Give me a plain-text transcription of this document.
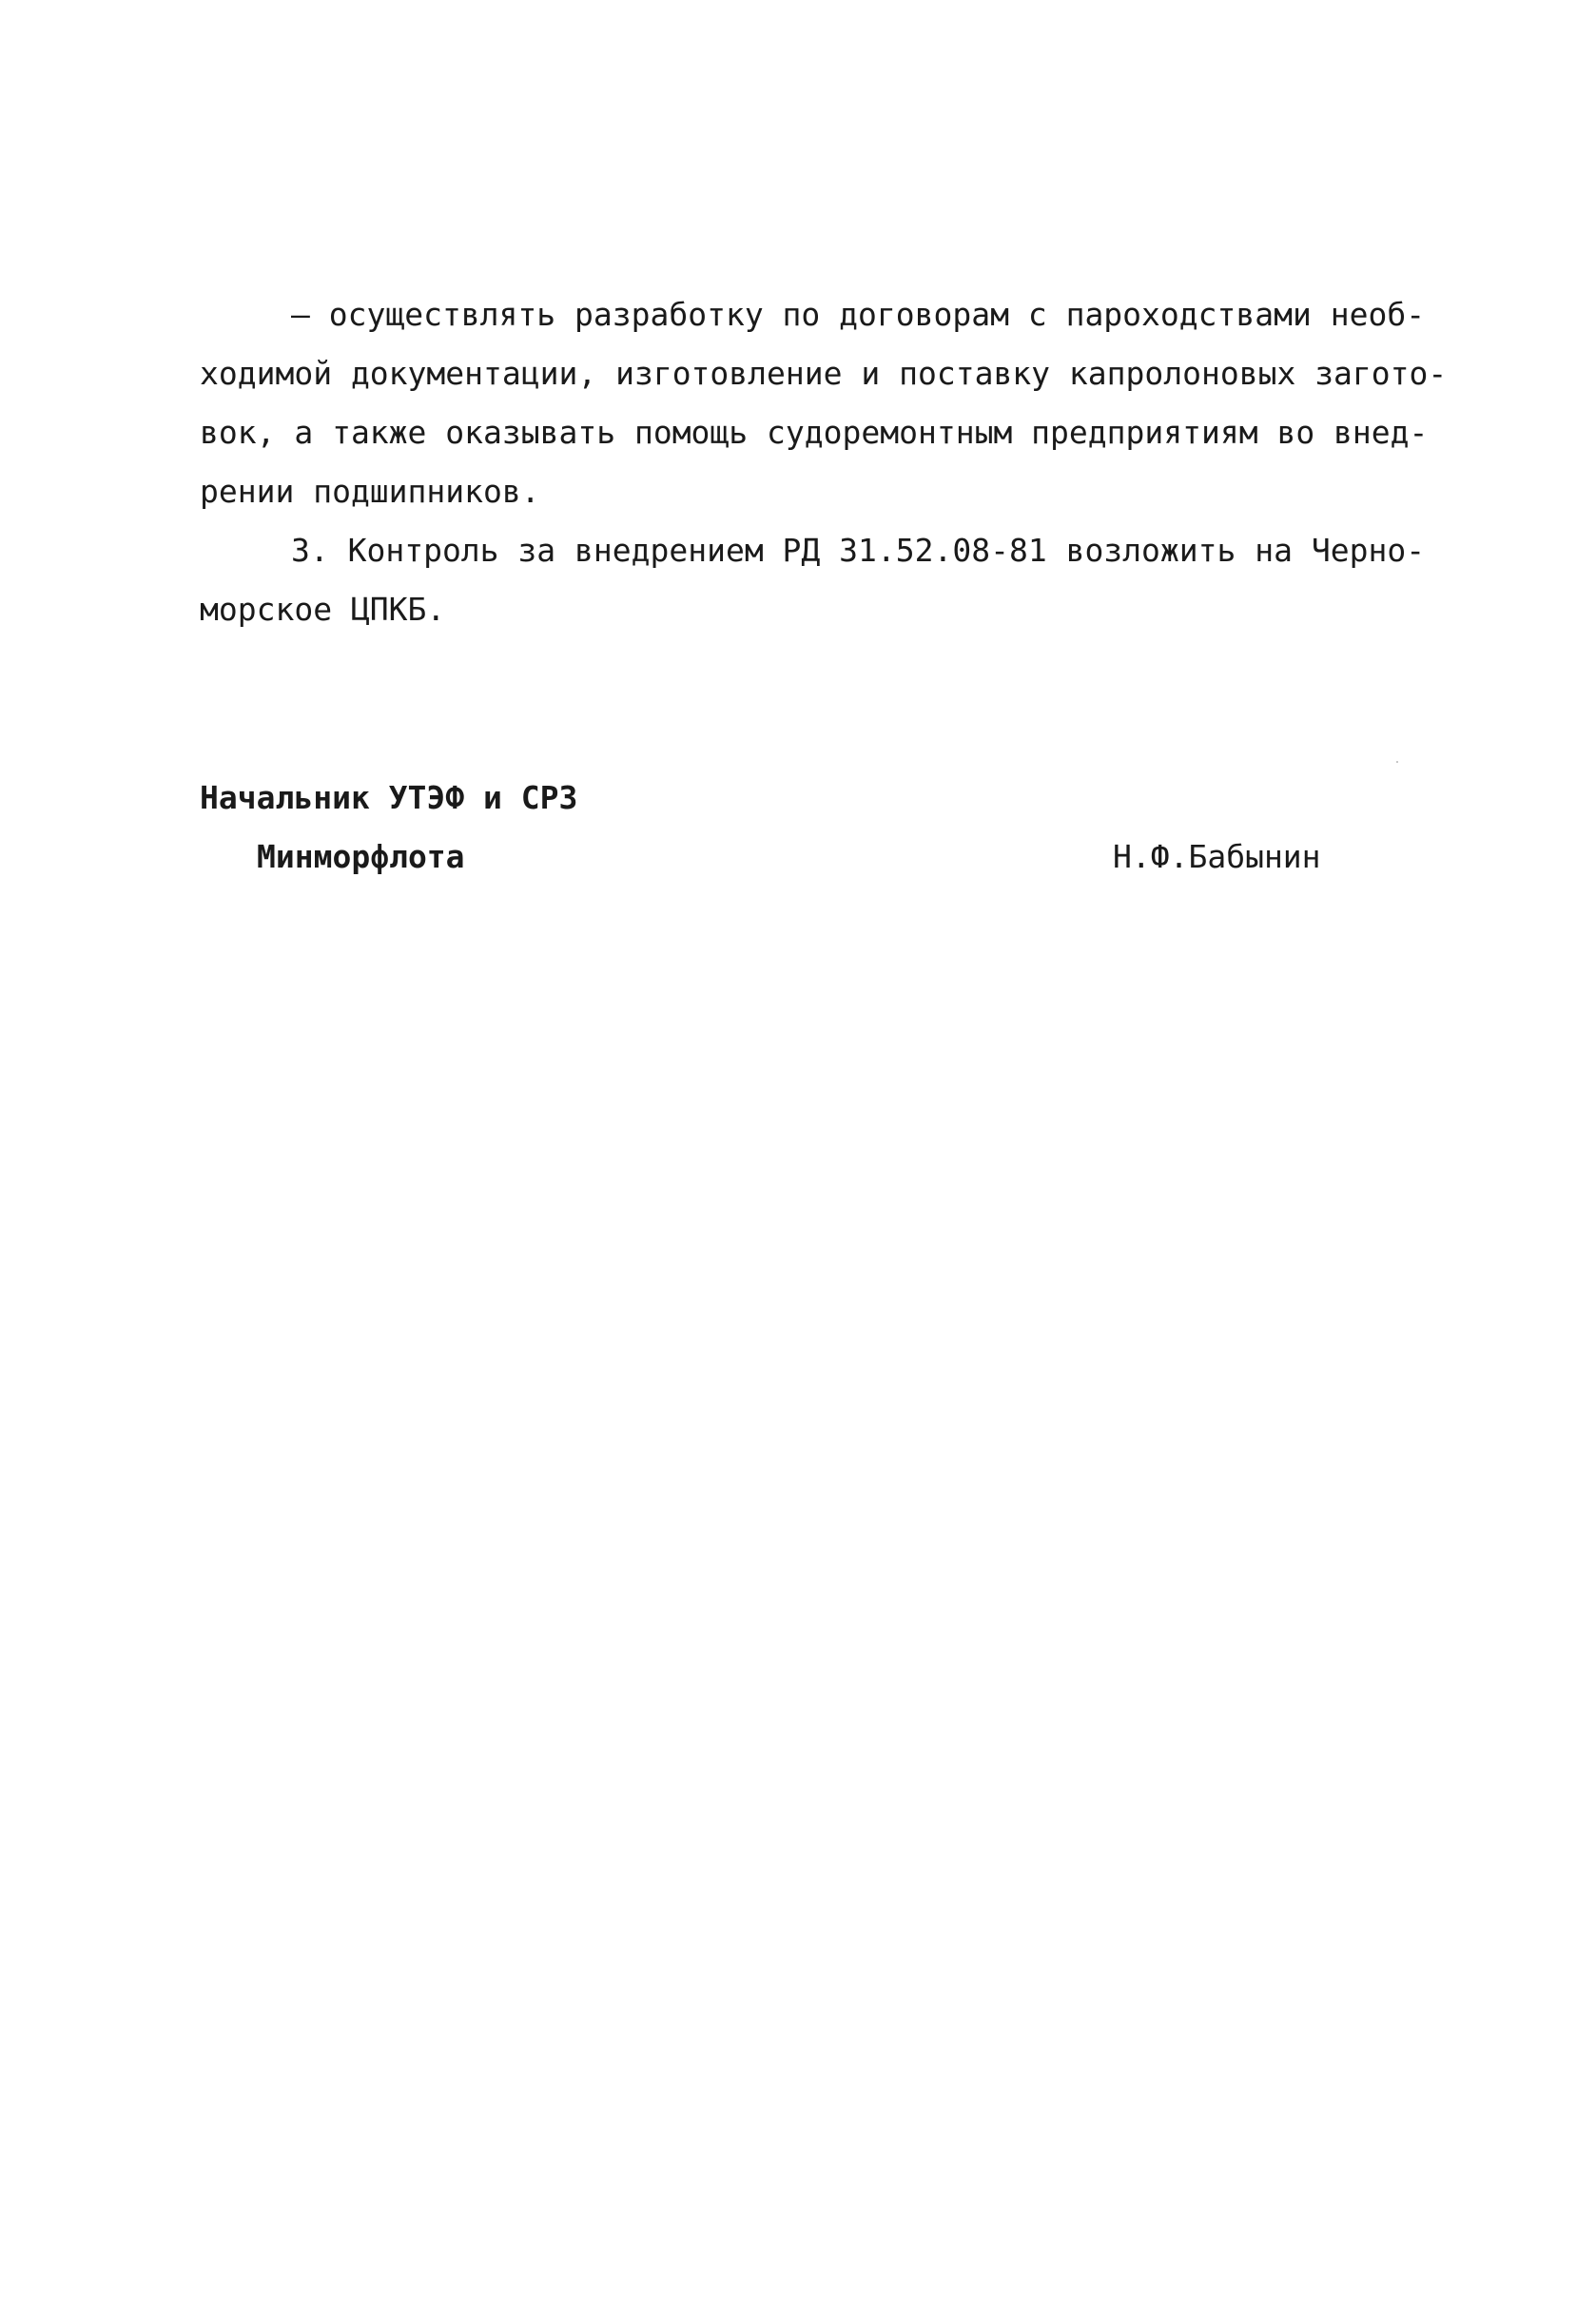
– осуществлять разработку по договорам с пароходствами необ-
ходимой документации, изготовление и поставку капролоновых загото-
вок, а также оказывать помощь судоремонтным предприятиям во внед-
рении подшипников.
3. Контроль за внедрением РД 31.52.08-81 возложить на Черно-
морское ЦПКБ.
Начальник УТЭФ и СРЗ
Минморфлота	Н.Ф.Бабынин
